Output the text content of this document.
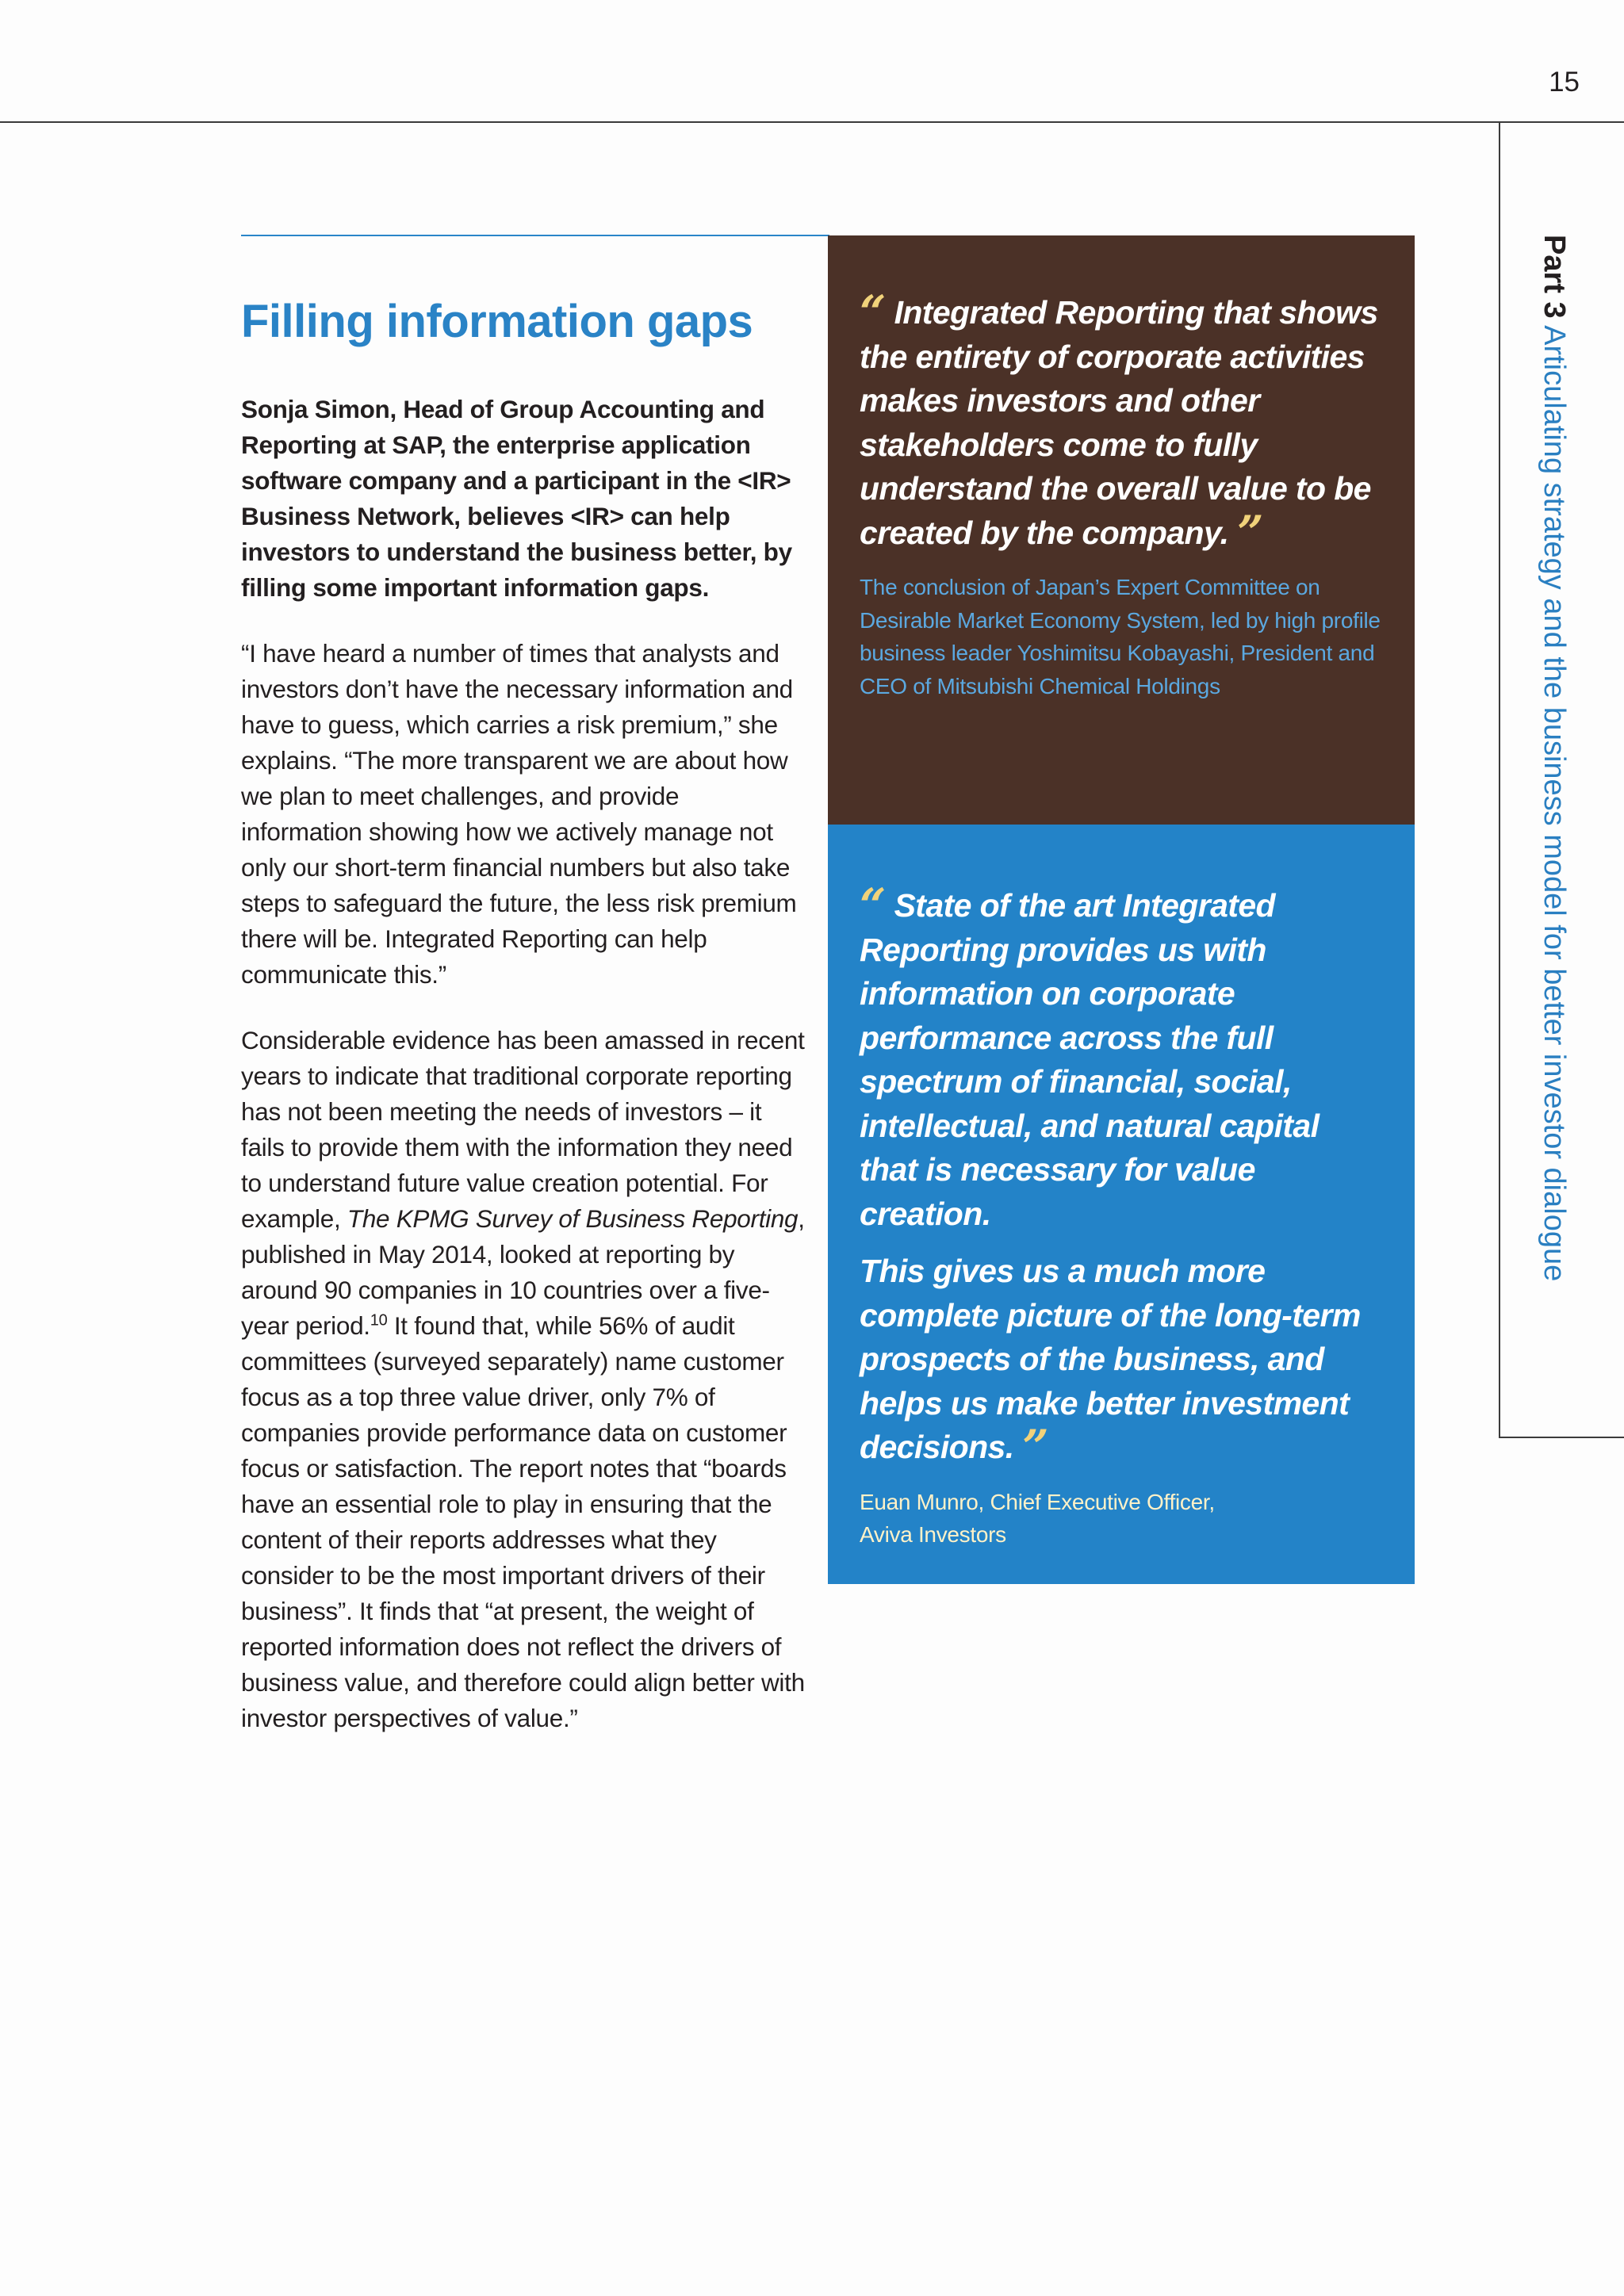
15
Part 3 Articulating strategy and the business model for better investor dialogue
Filling information gaps

Sonja Simon, Head of Group Accounting and Reporting at SAP, the enterprise application software company and a participant in the <IR> Business Network, believes <IR> can help investors to understand the business better, by filling some important information gaps.

“I have heard a number of times that analysts and investors don’t have the necessary information and have to guess, which carries a risk premium,” she explains. “The more transparent we are about how we plan to meet challenges, and provide information showing how we actively manage not only our short-term financial numbers but also take steps to safeguard the future, the less risk premium there will be. Integrated Reporting can help communicate this.”

Considerable evidence has been amassed in recent years to indicate that traditional corporate reporting has not been meeting the needs of investors – it fails to provide them with the information they need to understand future value creation potential. For example, The KPMG Survey of Business Reporting, published in May 2014, looked at reporting by around 90 companies in 10 countries over a five-year period.$^{10}$ It found that, while 56% of audit committees (surveyed separately) name customer focus as a top three value driver, only 7% of companies provide performance data on customer focus or satisfaction. The report notes that “boards have an essential role to play in ensuring that the content of their reports addresses what they consider to be the most important drivers of their business”. It finds that “at present, the weight of reported information does not reflect the drivers of business value, and therefore could align better with investor perspectives of value.”

“ Integrated Reporting that shows the entirety of corporate activities makes investors and other stakeholders come to fully understand the overall value to be created by the company. ”

The conclusion of Japan’s Expert Committee on Desirable Market Economy System, led by high profile business leader Yoshimitsu Kobayashi, President and CEO of Mitsubishi Chemical Holdings

“ State of the art Integrated Reporting provides us with information on corporate performance across the full spectrum of financial, social, intellectual, and natural capital that is necessary for value creation.

This gives us a much more complete picture of the long-term prospects of the business, and helps us make better investment decisions. ”

Euan Munro, Chief Executive Officer,
Aviva Investors
